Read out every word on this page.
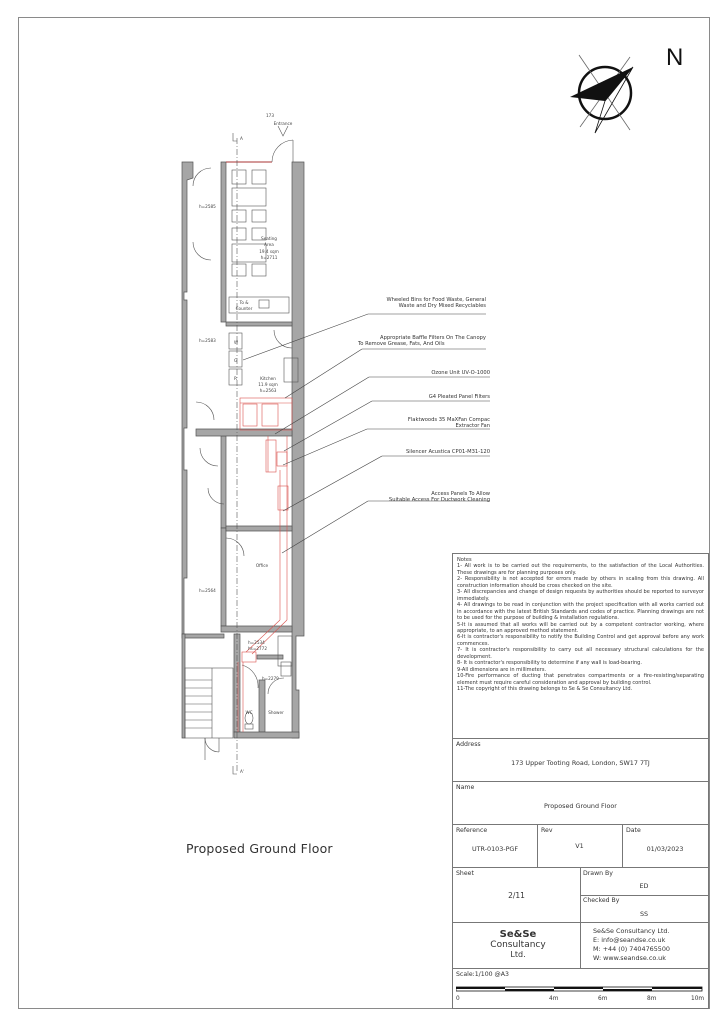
173
Entrance
h=2585
Seating
Area
19.4 sqm
h=2711
To &
Counter
h=2583	W
G
R	Kitchen
11.9 sqm
h=2563
Office
h=2564
h=2534
hs=2772
h=2279
WC	Shower
A
A'
N
Wheeled Bins for Food Waste, General
Waste and Dry Mixed Recyclables
Appropriate Baffle Filters On The Canopy
To Remove Grease, Fats, And Oils
Ozone Unit UV-O-1000
G4 Pleated Panel Filters
Flaktwoods 35 MaXFan Compac
Extractor Fan
Silencer Acustica CP01-M31-120
Access Panels To Allow
Suitable Access For Ductwork Cleaning
Proposed Ground Floor

Notes

1- All work is to be carried out the requirements, to the satisfaction of the Local Authorities. These drawings are for planning purposes only.

2- Responsibility is not accepted for errors made by others in scaling from this drawing. All construction information should be cross checked on the site.

3- All discrepancies and change of design requests by authorities should be reported to surveyor immediately.

4- All drawings to be read in conjunction with the project specification with all works carried out in accordance with the latest British Standards and codes of practice. Planning drawings are not to be used for the purpose of building & installation regulations.

5-It is assumed that all works will be carried out by a competent contractor working, where appropriate, to an approved method statement.

6-It is contractor's responsibility to notify the Building Control and get approval before any work commences.

7- It is contractor's responsibility to carry out all necessary structural calculations for the development.

8- It is contractor's responsibility to determine if any wall is load-bearing.

9-All dimensions are in millimeters.

10-Fire performance of ducting that penetrates compartments or a fire-resisting/separating element must require careful consideration and approval by building control.

11-The copyright of this drawing belongs to Se & Se Consultancy Ltd.

Address
173 Upper Tooting Road, London, SW17 7TJ
Name
Proposed Ground Floor
Reference
UTR-0103-PGF
Rev
V1
Date
01/03/2023
Sheet
2/11
Drawn By
ED
Checked By
SS
Se&Se
Consultancy
Ltd.
Se&Se Consultancy Ltd.
E: info@seandse.co.uk
M: +44 (0) 7404765500
W: www.seandse.co.uk
Scale:1/100 @A3
0	4m	6m	8m	10m
